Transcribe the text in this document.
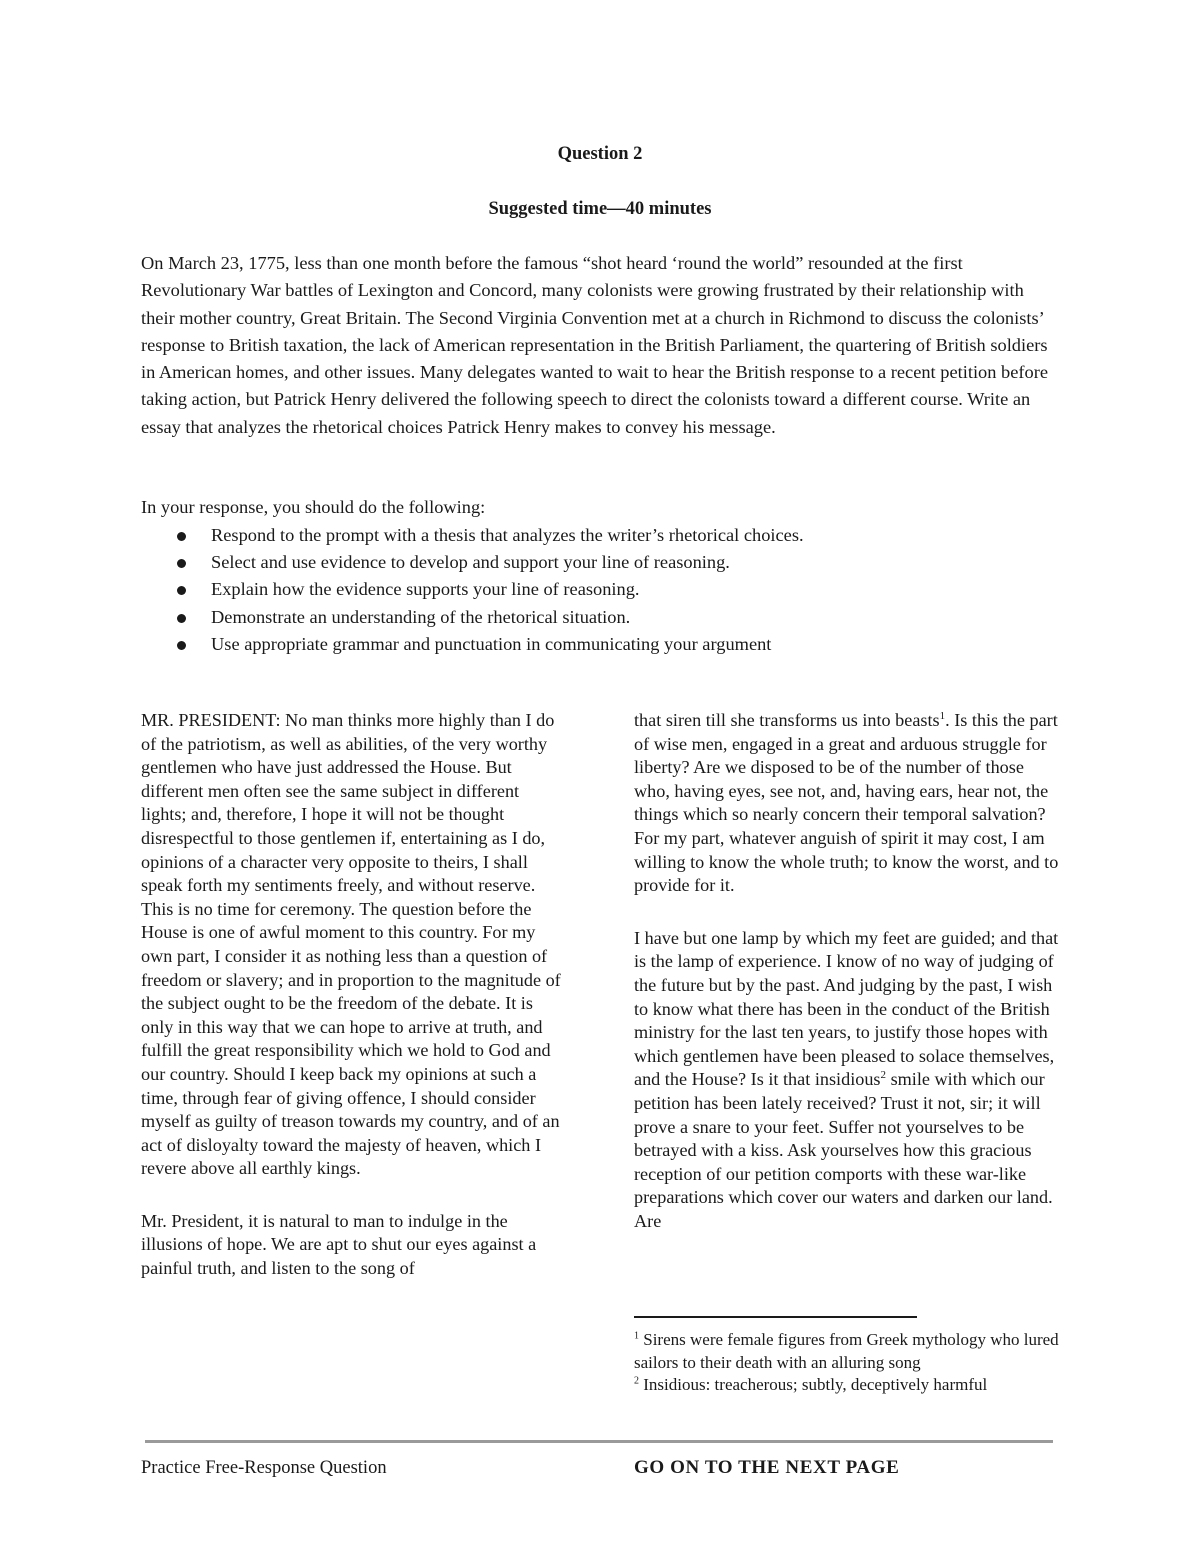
Question 2
Suggested time—40 minutes

On March 23, 1775, less than one month before the famous “shot heard ‘round the world” resounded at the first Revolutionary War battles of Lexington and Concord, many colonists were growing frustrated by their relationship with their mother country, Great Britain. The Second Virginia Convention met at a church in Richmond to discuss the colonists’ response to British taxation, the lack of American representation in the British Parliament, the quartering of British soldiers in American homes, and other issues. Many delegates wanted to wait to hear the British response to a recent petition before taking action, but Patrick Henry delivered the following speech to direct the colonists toward a different course. Write an essay that analyzes the rhetorical choices Patrick Henry makes to convey his message.

In your response, you should do the following:

Respond to the prompt with a thesis that analyzes the writer’s rhetorical choices.
Select and use evidence to develop and support your line of reasoning.
Explain how the evidence supports your line of reasoning.
Demonstrate an understanding of the rhetorical situation.
Use appropriate grammar and punctuation in communicating your argument

MR. PRESIDENT: No man thinks more highly than I do of the patriotism, as well as abilities, of the very worthy gentlemen who have just addressed the House. But different men often see the same subject in different lights; and, therefore, I hope it will not be thought disrespectful to those gentlemen if, entertaining as I do, opinions of a character very opposite to theirs, I shall speak forth my sentiments freely, and without reserve. This is no time for ceremony. The question before the House is one of awful moment to this country. For my own part, I consider it as nothing less than a question of freedom or slavery; and in proportion to the magnitude of the subject ought to be the freedom of the debate. It is only in this way that we can hope to arrive at truth, and fulfill the great responsibility which we hold to God and our country. Should I keep back my opinions at such a time, through fear of giving offence, I should consider myself as guilty of treason towards my country, and of an act of disloyalty toward the majesty of heaven, which I revere above all earthly kings.

Mr. President, it is natural to man to indulge in the illusions of hope. We are apt to shut our eyes against a painful truth, and listen to the song of

that siren till she transforms us into beasts$^1$. Is this the part of wise men, engaged in a great and arduous struggle for liberty? Are we disposed to be of the number of those who, having eyes, see not, and, having ears, hear not, the things which so nearly concern their temporal salvation? For my part, whatever anguish of spirit it may cost, I am willing to know the whole truth; to know the worst, and to provide for it.

I have but one lamp by which my feet are guided; and that is the lamp of experience. I know of no way of judging of the future but by the past. And judging by the past, I wish to know what there has been in the conduct of the British ministry for the last ten years, to justify those hopes with which gentlemen have been pleased to solace themselves, and the House? Is it that insidious$^2$ smile with which our petition has been lately received? Trust it not, sir; it will prove a snare to your feet. Suffer not yourselves to be betrayed with a kiss. Ask yourselves how this gracious reception of our petition comports with these war-like preparations which cover our waters and darken our land. Are

$^1$ Sirens were female figures from Greek mythology who lured sailors to their death with an alluring song

$^2$ Insidious: treacherous; subtly, deceptively harmful

Practice Free-Response Question	GO ON TO THE NEXT PAGE
